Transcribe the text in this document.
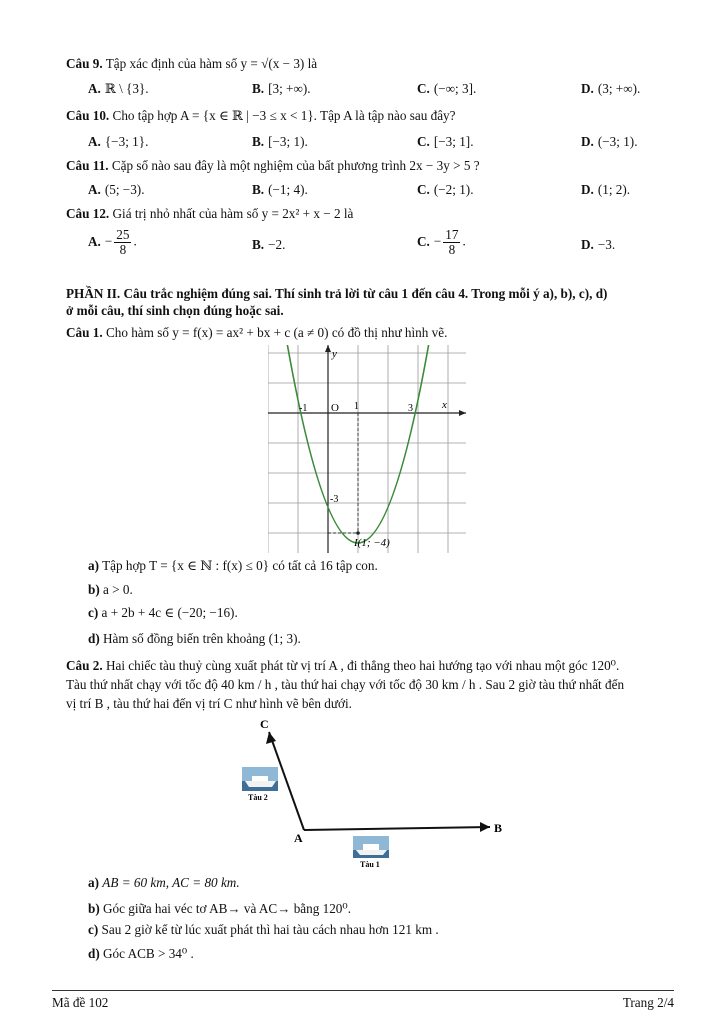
Câu 9. Tập xác định của hàm số y = √(x − 3) là
A. ℝ \ {3}.	B. [3; +∞).	C. (−∞; 3].	D. (3; +∞).
Câu 10. Cho tập hợp A = {x ∈ ℝ | −3 ≤ x < 1}. Tập A là tập nào sau đây?
A. {−3; 1}.	B. [−3; 1).	C. [−3; 1].	D. (−3; 1).
Câu 11. Cặp số nào sau đây là một nghiệm của bất phương trình 2x − 3y > 5 ?
A. (5; −3).	B. (−1; 4).	C. (−2; 1).	D. (1; 2).
Câu 12. Giá trị nhỏ nhất của hàm số y = 2x² + x − 2 là
A. − $\frac{25}{8}$ .	B. −2.	C. − $\frac{17}{8}$ .	D. −3.
PHẦN II. Câu trắc nghiệm đúng sai. Thí sinh trả lời từ câu 1 đến câu 4. Trong mỗi ý a), b), c), d)
ở mỗi câu, thí sinh chọn đúng hoặc sai.
Câu 1. Cho hàm số y = f(x) = ax² + bx + c (a ≠ 0) có đồ thị như hình vẽ.
y
x
O
-1	1	3
-3
I(1; −4)
a) Tập hợp T = {x ∈ ℕ : f(x) ≤ 0} có tất cả 16 tập con.
b) a > 0.
c) a + 2b + 4c ∈ (−20; −16).
d) Hàm số đồng biến trên khoảng (1; 3).
Câu 2. Hai chiếc tàu thuỷ cùng xuất phát từ vị trí A , đi thẳng theo hai hướng tạo với nhau một góc 120⁰.
Tàu thứ nhất chạy với tốc độ 40 km / h , tàu thứ hai chạy với tốc độ 30 km / h . Sau 2 giờ tàu thứ nhất đến
vị trí B , tàu thứ hai đến vị trí C như hình vẽ bên dưới.
A
B
C
Tàu 2
Tàu 1
a) AB = 60 km, AC = 80 km.
b) Góc giữa hai véc tơ AB→ và AC→ bằng 120⁰.
c) Sau 2 giờ kể từ lúc xuất phát thì hai tàu cách nhau hơn 121 km .
d) Góc ACB > 34⁰ .
Mã đề 102	Trang 2/4
